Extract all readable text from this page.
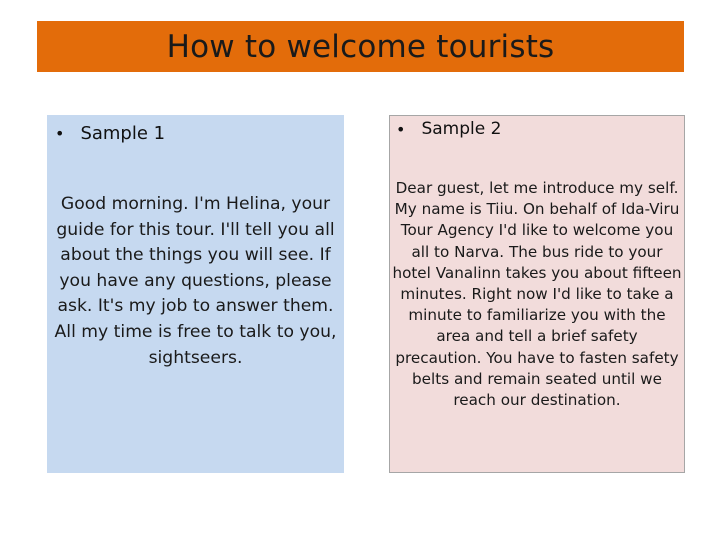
How to welcome tourists
• Sample 1
Good morning. I'm Helina, your guide for this tour. I'll tell you all about the things you will see. If you have any questions, please ask. It's my job to answer them. All my time is free to talk to you, sightseers.
• Sample 2
Dear guest, let me introduce my self. My name is Tiiu. On behalf of Ida-Viru Tour Agency I'd like to welcome you all to Narva. The bus ride to your hotel Vanalinn takes you about fifteen minutes. Right now I'd like to take a minute to familiarize you with the area and tell a brief safety precaution. You have to fasten safety belts and remain seated until we reach our destination.
